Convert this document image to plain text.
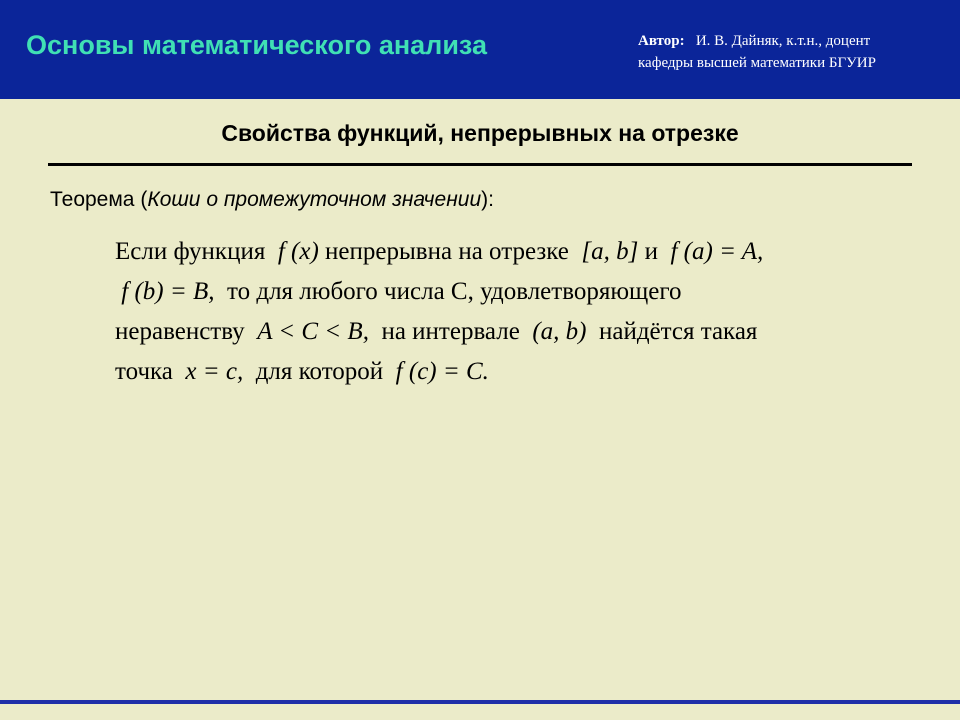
Основы математического анализа	Автор: И. В. Дайняк, к.т.н., доцент
кафедры высшей математики БГУИР
Свойства функций, непрерывных на отрезке
Теорема (Коши о промежуточном значении):
Если функция f (x) непрерывна на отрезке [a, b] и f (a) = A,
f (b) = B, то для любого числа C, удовлетворяющего
неравенству A < C < B, на интервале (a, b) найдётся такая
точка x = c, для которой f (c) = C.
